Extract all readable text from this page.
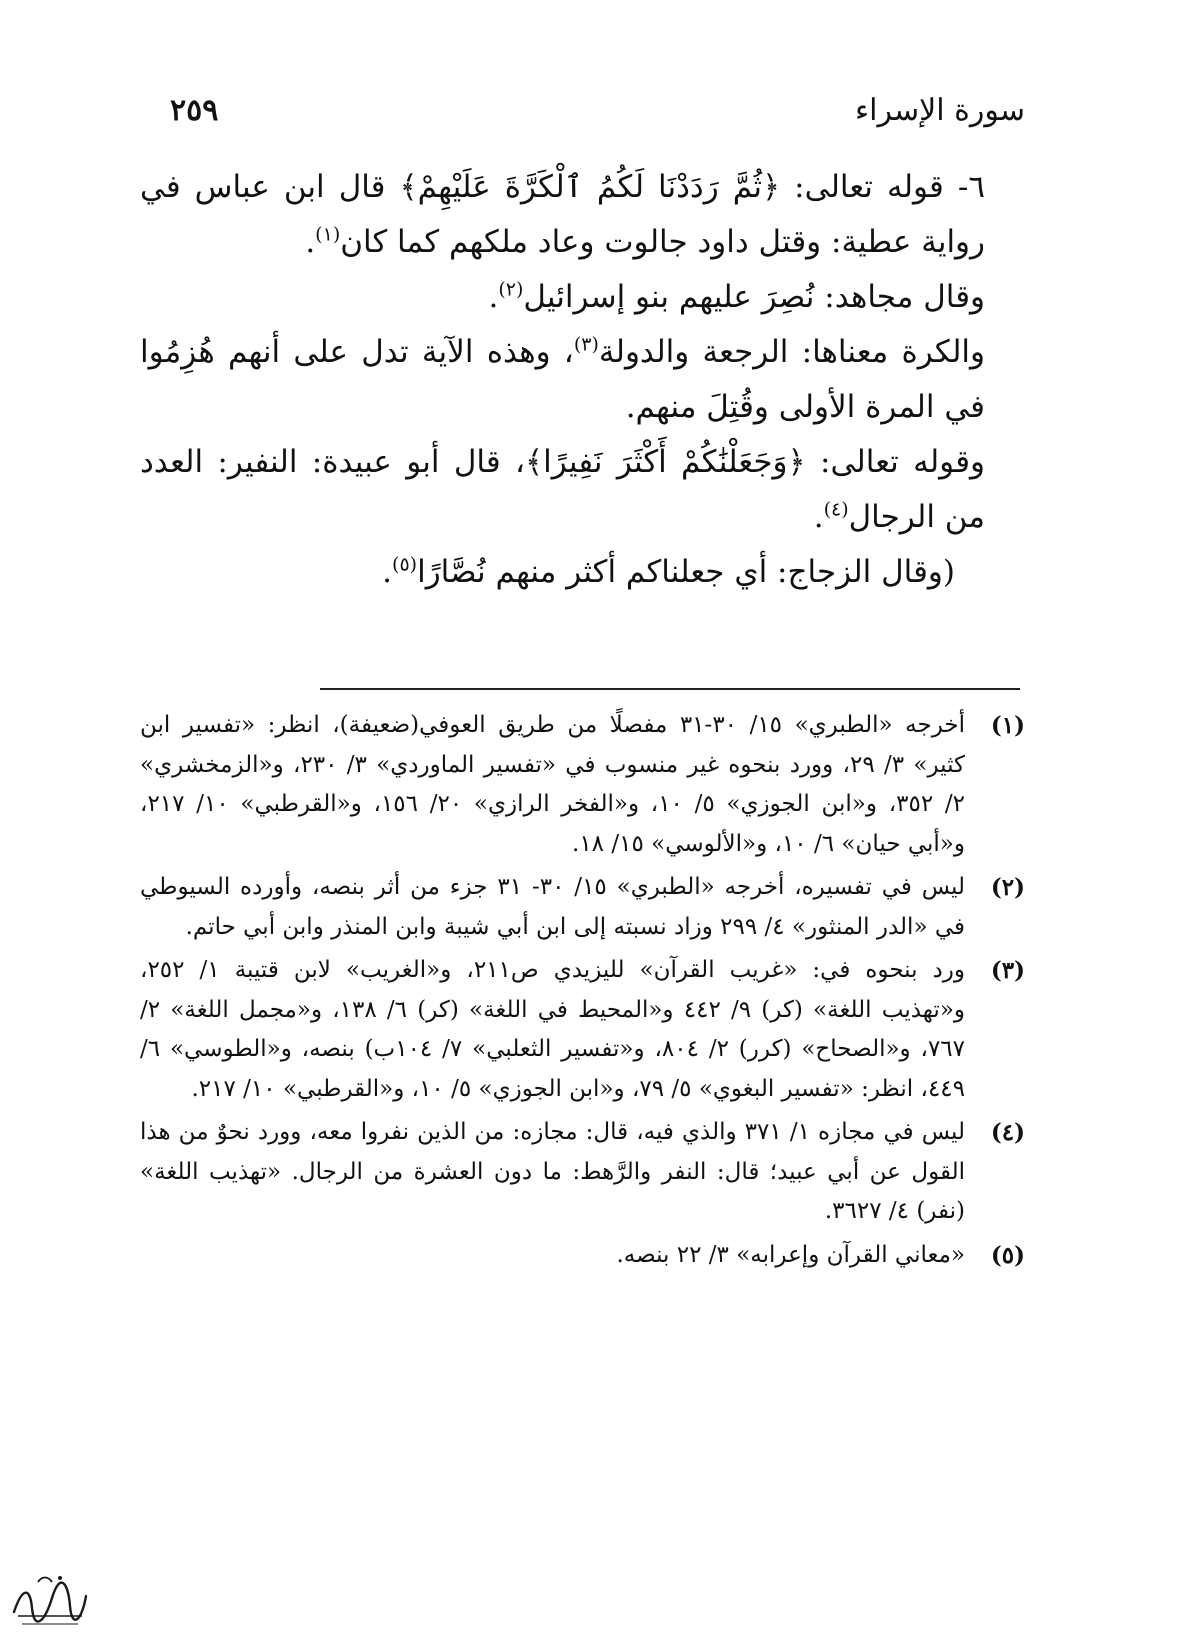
٢٥٩	سورة الإسراء

٦- قوله تعالى: ﴿ثُمَّ رَدَدْنَا لَكُمُ ٱلْكَرَّةَ عَلَيْهِمْ﴾ قال ابن عباس في رواية عطية: وقتل داود جالوت وعاد ملكهم كما كان$^{(١)}$.

وقال مجاهد: نُصِرَ عليهم بنو إسرائيل$^{(٢)}$.

والكرة معناها: الرجعة والدولة$^{(٣)}$، وهذه الآية تدل على أنهم هُزِمُوا في المرة الأولى وقُتِلَ منهم.

وقوله تعالى: ﴿وَجَعَلْنَٰكُمْ أَكْثَرَ نَفِيرًا﴾، قال أبو عبيدة: النفير: العدد من الرجال$^{(٤)}$.

(وقال الزجاج: أي جعلناكم أكثر منهم نُصَّارًا$^{(٥)}$.

(١)
أخرجه «الطبري» ١٥/ ٣٠-٣١ مفصلًا من طريق العوفي(ضعيفة)، انظر: «تفسير ابن كثير» ٣/ ٢٩، وورد بنحوه غير منسوب في «تفسير الماوردي» ٣/ ٢٣٠، و«الزمخشري» ٢/ ٣٥٢، و«ابن الجوزي» ٥/ ١٠، و«الفخر الرازي» ٢٠/ ١٥٦، و«القرطبي» ١٠/ ٢١٧، و«أبي حيان» ٦/ ١٠، و«الألوسي» ١٥/ ١٨.
(٢)
ليس في تفسيره، أخرجه «الطبري» ١٥/ ٣٠- ٣١ جزء من أثر بنصه، وأورده السيوطي في «الدر المنثور» ٤/ ٢٩٩ وزاد نسبته إلى ابن أبي شيبة وابن المنذر وابن أبي حاتم.
(٣)
ورد بنحوه في: «غريب القرآن» لليزيدي ص٢١١، و«الغريب» لابن قتيبة ١/ ٢٥٢، و«تهذيب اللغة» (كر) ٩/ ٤٤٢ و«المحيط في اللغة» (كر) ٦/ ١٣٨، و«مجمل اللغة» ٢/ ٧٦٧، و«الصحاح» (كرر) ٢/ ٨٠٤، و«تفسير الثعلبي» ٧/ ١٠٤ب) بنصه، و«الطوسي» ٦/ ٤٤٩، انظر: «تفسير البغوي» ٥/ ٧٩، و«ابن الجوزي» ٥/ ١٠، و«القرطبي» ١٠/ ٢١٧.
(٤)
ليس في مجازه ١/ ٣٧١ والذي فيه، قال: مجازه: من الذين نفروا معه، وورد نحوٌ من هذا القول عن أبي عبيد؛ قال: النفر والرَّهط: ما دون العشرة من الرجال. «تهذيب اللغة» (نفر) ٤/ ٣٦٢٧.
(٥)
«معاني القرآن وإعرابه» ٣/ ٢٢ بنصه.
